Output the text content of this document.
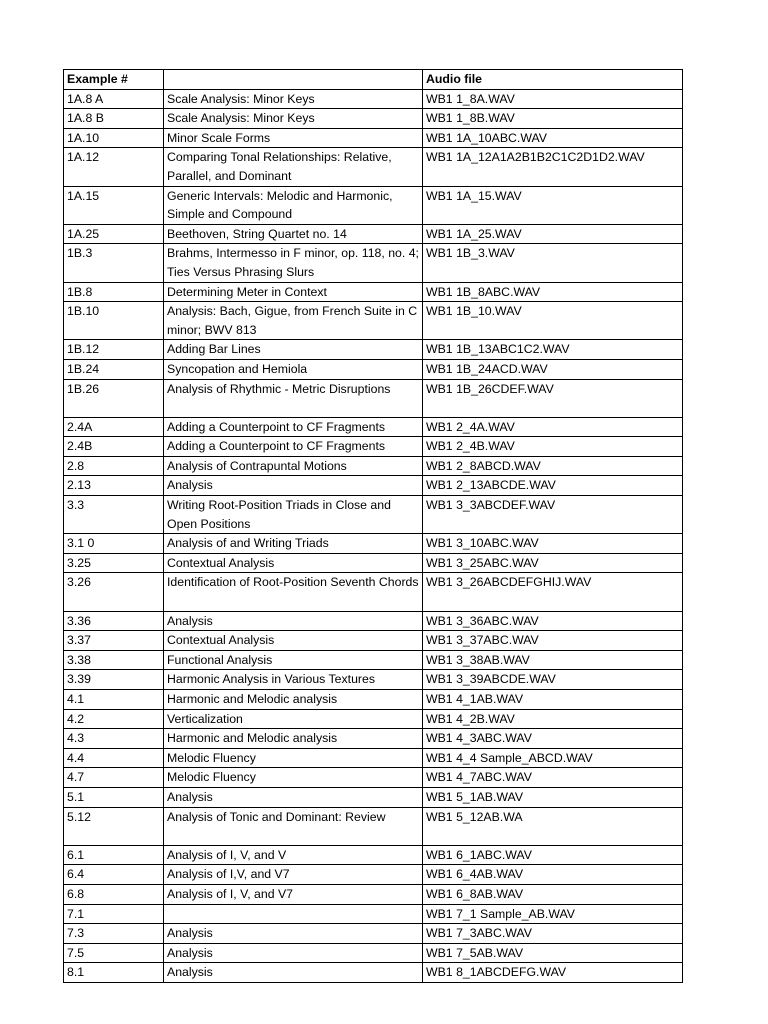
Example #		Audio file
1A.8 A	Scale Analysis: Minor Keys	WB1 1_8A.WAV
1A.8 B	Scale Analysis: Minor Keys	WB1 1_8B.WAV
1A.10	Minor Scale Forms	WB1 1A_10ABC.WAV
1A.12	Comparing Tonal Relationships: Relative, Parallel, and Dominant	WB1 1A_12A1A2B1B2C1C2D1D2.WAV
1A.15	Generic Intervals: Melodic and Harmonic, Simple and Compound	WB1 1A_15.WAV
1A.25	Beethoven, String Quartet no. 14	WB1 1A_25.WAV
1B.3	Brahms, Intermesso in F minor, op. 118, no. 4; Ties Versus Phrasing Slurs	WB1 1B_3.WAV
1B.8	Determining Meter in Context	WB1 1B_8ABC.WAV
1B.10	Analysis: Bach, Gigue, from French Suite in C minor; BWV 813	WB1 1B_10.WAV
1B.12	Adding Bar Lines	WB1 1B_13ABC1C2.WAV
1B.24	Syncopation and Hemiola	WB1 1B_24ACD.WAV
1B.26	Analysis of Rhythmic - Metric Disruptions	WB1 1B_26CDEF.WAV
2.4A	Adding a Counterpoint to CF Fragments	WB1 2_4A.WAV
2.4B	Adding a Counterpoint to CF Fragments	WB1 2_4B.WAV
2.8	Analysis of Contrapuntal Motions	WB1 2_8ABCD.WAV
2.13	Analysis	WB1 2_13ABCDE.WAV
3.3	Writing Root-Position Triads in Close and Open Positions	WB1 3_3ABCDEF.WAV
3.1 0	Analysis of and Writing Triads	WB1 3_10ABC.WAV
3.25	Contextual Analysis	WB1 3_25ABC.WAV
3.26	Identification of Root-Position Seventh Chords	WB1 3_26ABCDEFGHIJ.WAV
3.36	Analysis	WB1 3_36ABC.WAV
3.37	Contextual Analysis	WB1 3_37ABC.WAV
3.38	Functional Analysis	WB1 3_38AB.WAV
3.39	Harmonic Analysis in Various Textures	WB1 3_39ABCDE.WAV
4.1	Harmonic and Melodic analysis	WB1 4_1AB.WAV
4.2	Verticalization	WB1 4_2B.WAV
4.3	Harmonic and Melodic analysis	WB1 4_3ABC.WAV
4.4	Melodic Fluency	WB1 4_4 Sample_ABCD.WAV
4.7	Melodic Fluency	WB1 4_7ABC.WAV
5.1	Analysis	WB1 5_1AB.WAV
5.12	Analysis of Tonic and Dominant: Review	WB1 5_12AB.WA
6.1	Analysis of I, V, and V	WB1 6_1ABC.WAV
6.4	Analysis of I,V, and V7	WB1 6_4AB.WAV
6.8	Analysis of I, V, and V7	WB1 6_8AB.WAV
7.1		WB1 7_1 Sample_AB.WAV
7.3	Analysis	WB1 7_3ABC.WAV
7.5	Analysis	WB1 7_5AB.WAV
8.1	Analysis	WB1 8_1ABCDEFG.WAV
